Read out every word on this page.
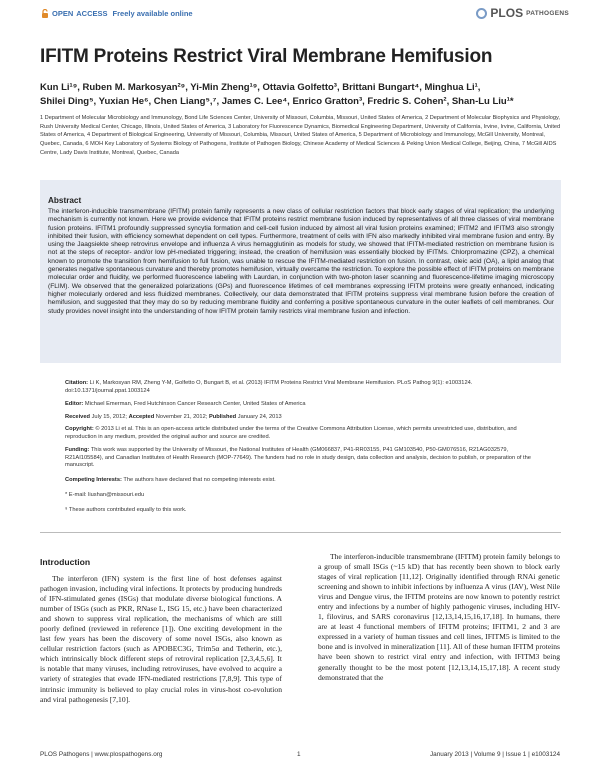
OPEN ACCESS Freely available online	PLOS PATHOGENS
IFITM Proteins Restrict Viral Membrane Hemifusion
Kun Li¹⁹, Ruben M. Markosyan²⁹, Yi-Min Zheng¹⁹, Ottavia Golfetto³, Brittani Bungart⁴, Minghua Li¹,
Shilei Ding⁵, Yuxian He⁶, Chen Liang⁵,⁷, James C. Lee⁴, Enrico Gratton³, Fredric S. Cohen², Shan-Lu Liu¹*
1 Department of Molecular Microbiology and Immunology, Bond Life Sciences Center, University of Missouri, Columbia, Missouri, United States of America, 2 Department of Molecular Biophysics and Physiology, Rush University Medical Center, Chicago, Illinois, United States of America, 3 Laboratory for Fluorescence Dynamics, Biomedical Engineering Department, University of California, Irvine, Irvine, California, United States of America, 4 Department of Biological Engineering, University of Missouri, Columbia, Missouri, United States of America, 5 Department of Microbiology and Immunology, McGill University, Montreal, Quebec, Canada, 6 MOH Key Laboratory of Systems Biology of Pathogens, Institute of Pathogen Biology, Chinese Academy of Medical Sciences & Peking Union Medical College, Beijing, China, 7 McGill AIDS Centre, Lady Davis Institute, Montreal, Quebec, Canada
Abstract
The interferon-inducible transmembrane (IFITM) protein family represents a new class of cellular restriction factors that block early stages of viral replication; the underlying mechanism is currently not known. Here we provide evidence that IFITM proteins restrict membrane fusion induced by representatives of all three classes of viral membrane fusion proteins. IFITM1 profoundly suppressed syncytia formation and cell-cell fusion induced by almost all viral fusion proteins examined; IFITM2 and IFITM3 also strongly inhibited their fusion, with efficiency somewhat dependent on cell types. Furthermore, treatment of cells with IFN also markedly inhibited viral membrane fusion and entry. By using the Jaagsiekte sheep retrovirus envelope and influenza A virus hemagglutinin as models for study, we showed that IFITM-mediated restriction on membrane fusion is not at the steps of receptor- and/or low pH-mediated triggering; instead, the creation of hemifusion was essentially blocked by IFITMs. Chlorpromazine (CPZ), a chemical known to promote the transition from hemifusion to full fusion, was unable to rescue the IFITM-mediated restriction on fusion. In contrast, oleic acid (OA), a lipid analog that generates negative spontaneous curvature and thereby promotes hemifusion, virtually overcame the restriction. To explore the possible effect of IFITM proteins on membrane molecular order and fluidity, we performed fluorescence labeling with Laurdan, in conjunction with two-photon laser scanning and fluorescence-lifetime imaging microscopy (FLIM). We observed that the generalized polarizations (GPs) and fluorescence lifetimes of cell membranes expressing IFITM proteins were greatly enhanced, indicating higher molecularly ordered and less fluidized membranes. Collectively, our data demonstrated that IFITM proteins suppress viral membrane fusion before the creation of hemifusion, and suggested that they may do so by reducing membrane fluidity and conferring a positive spontaneous curvature in the outer leaflets of cell membranes. Our study provides novel insight into the understanding of how IFITM protein family restricts viral membrane fusion and infection.
Citation: Li K, Markosyan RM, Zheng Y-M, Golfetto O, Bungart B, et al. (2013) IFITM Proteins Restrict Viral Membrane Hemifusion. PLoS Pathog 9(1): e1003124. doi:10.1371/journal.ppat.1003124
Editor: Michael Emerman, Fred Hutchinson Cancer Research Center, United States of America
Received July 15, 2012; Accepted November 21, 2012; Published January 24, 2013
Copyright: © 2013 Li et al. This is an open-access article distributed under the terms of the Creative Commons Attribution License, which permits unrestricted use, distribution, and reproduction in any medium, provided the original author and source are credited.
Funding: This work was supported by the University of Missouri, the National Institutes of Health (GM066837, P41-RR03155, P41 GM103540, P50-GM076516, R21AG032579, R21AI105584), and Canadian Institutes of Health Research (MOP-77649). The funders had no role in study design, data collection and analysis, decision to publish, or preparation of the manuscript.
Competing Interests: The authors have declared that no competing interests exist.
* E-mail: liushan@missouri.edu
⁹ These authors contributed equally to this work.
Introduction
The interferon (IFN) system is the first line of host defenses against pathogen invasion, including viral infections. It protects by producing hundreds of IFN-stimulated genes (ISGs) that modulate diverse biological functions. A number of ISGs (such as PKR, RNase L, ISG 15, etc.) have been characterized and shown to suppress viral replication, the mechanisms of which are still poorly defined (reviewed in reference [1]). One exciting development in the last few years has been the discovery of some novel ISGs, also known as cellular restriction factors (such as APOBEC3G, Trim5α and Tetherin, etc.), which intrinsically block different steps of retroviral replication [2,3,4,5,6]. It is notable that many viruses, including retroviruses, have evolved to acquire a variety of strategies that evade IFN-mediated restrictions [7,8,9]. This type of intrinsic immunity is believed to play crucial roles in virus-host co-evolution and viral pathogenesis [7,10].
The interferon-inducible transmembrane (IFITM) protein family belongs to a group of small ISGs (~15 kD) that has recently been shown to block early stages of viral replication [11,12]. Originally identified through RNAi genetic screening and shown to inhibit infections by influenza A virus (IAV), West Nile virus and Dengue virus, the IFITM proteins are now known to potently restrict entry and infections by a number of highly pathogenic viruses, including HIV-1, filovirus, and SARS coronavirus [12,13,14,15,16,17,18]. In humans, there are at least 4 functional members of IFITM proteins; IFITM1, 2 and 3 are expressed in a variety of human tissues and cell lines, IFITM5 is limited to the bone and is involved in mineralization [11]. All of these human IFITM proteins have been shown to restrict viral entry and infection, with IFITM3 being generally thought to be the most potent [12,13,14,15,17,18]. A recent study demonstrated that the
PLOS Pathogens | www.plospathogens.org	1	January 2013 | Volume 9 | Issue 1 | e1003124
